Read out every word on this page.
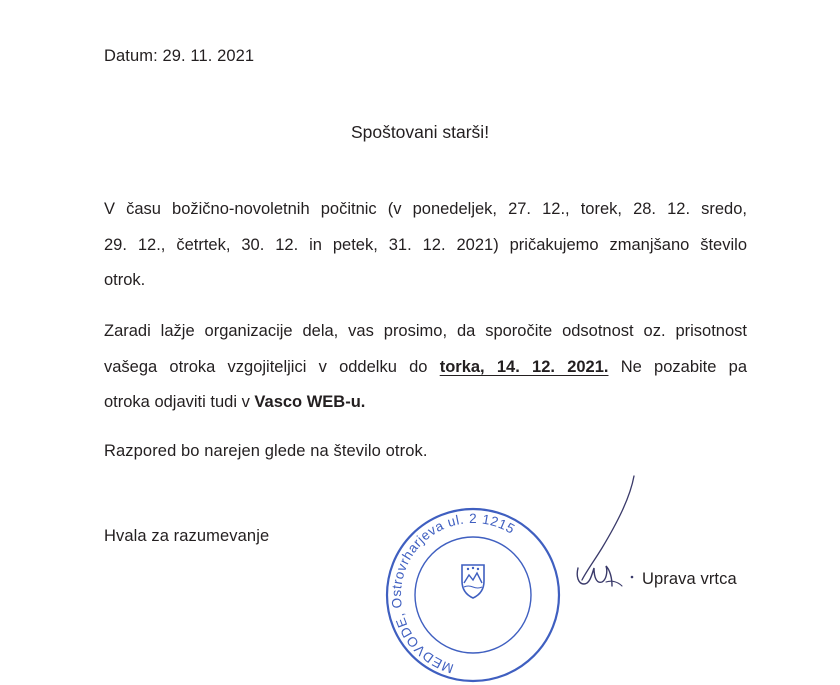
Datum: 29. 11. 2021
Spoštovani starši!
V času božično-novoletnih počitnic (v ponedeljek, 27. 12., torek, 28. 12. sredo,
29. 12., četrtek, 30. 12. in petek, 31. 12. 2021) pričakujemo zmanjšano število
otrok.
Zaradi lažje organizacije dela, vas prosimo, da sporočite odsotnost oz. prisotnost
vašega otroka vzgojiteljici v oddelku do torka, 14. 12. 2021. Ne pozabite pa
otroka odjaviti tudi v Vasco WEB-u.
Razpored bo narejen glede na število otrok.
Hvala za razumevanje
MEDVODE, Ostrovrharjeva ul. 2 1215
Uprava vrtca
